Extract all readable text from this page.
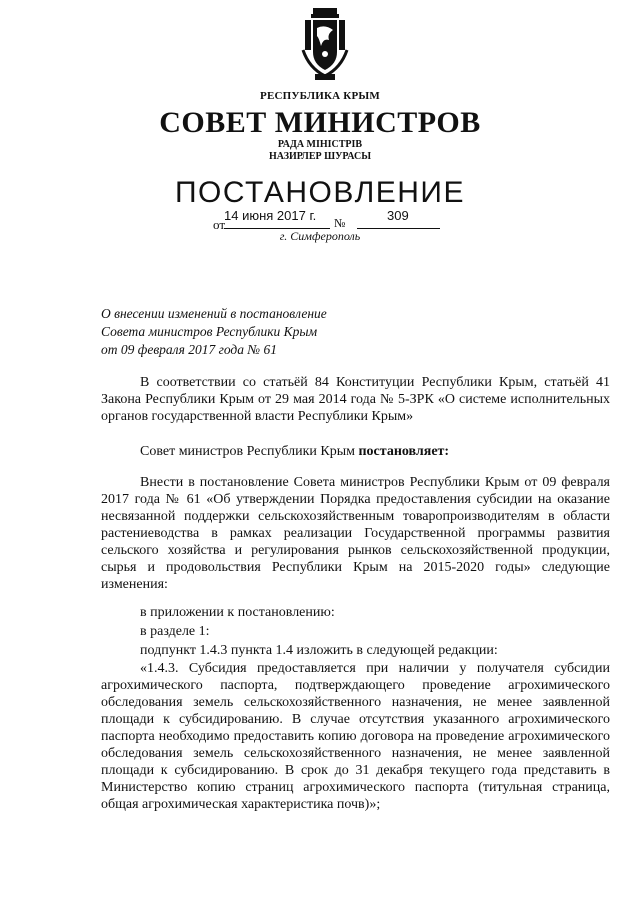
РЕСПУБЛИКА КРЫМ
СОВЕТ МИНИСТРОВ
РАДА МІНІСТРІВ
НАЗИРЛЕР ШУРАСЫ
ПОСТАНОВЛЕНИЕ
от
14 июня 2017 г. №	309
г. Симферополь
О внесении изменений в постановление
Совета министров Республики Крым
от 09 февраля 2017 года № 61

В соответствии со статьёй 84 Конституции Республики Крым, статьёй 41 Закона Республики Крым от 29 мая 2014 года № 5-ЗРК «О системе исполнительных органов государственной власти Республики Крым»

Совет министров Республики Крым постановляет:

Внести в постановление Совета министров Республики Крым от 09 февраля 2017 года № 61 «Об утверждении Порядка предоставления субсидии на оказание несвязанной поддержки сельскохозяйственным товаропроизводителям в области растениеводства в рамках реализации Государственной программы развития сельского хозяйства и регулирования рынков сельскохозяйственной продукции, сырья и продовольствия Республики Крым на 2015-2020 годы» следующие изменения:

в приложении к постановлению:
в разделе 1:
подпункт 1.4.3 пункта 1.4 изложить в следующей редакции:

«1.4.3. Субсидия предоставляется при наличии у получателя субсидии агрохимического паспорта, подтверждающего проведение агрохимического обследования земель сельскохозяйственного назначения, не менее заявленной площади к субсидированию. В случае отсутствия указанного агрохимического паспорта необходимо предоставить копию договора на проведение агрохимического обследования земель сельскохозяйственного назначения, не менее заявленной площади к субсидированию. В срок до 31 декабря текущего года представить в Министерство копию страниц агрохимического паспорта (титульная страница, общая агрохимическая характеристика почв)»;
